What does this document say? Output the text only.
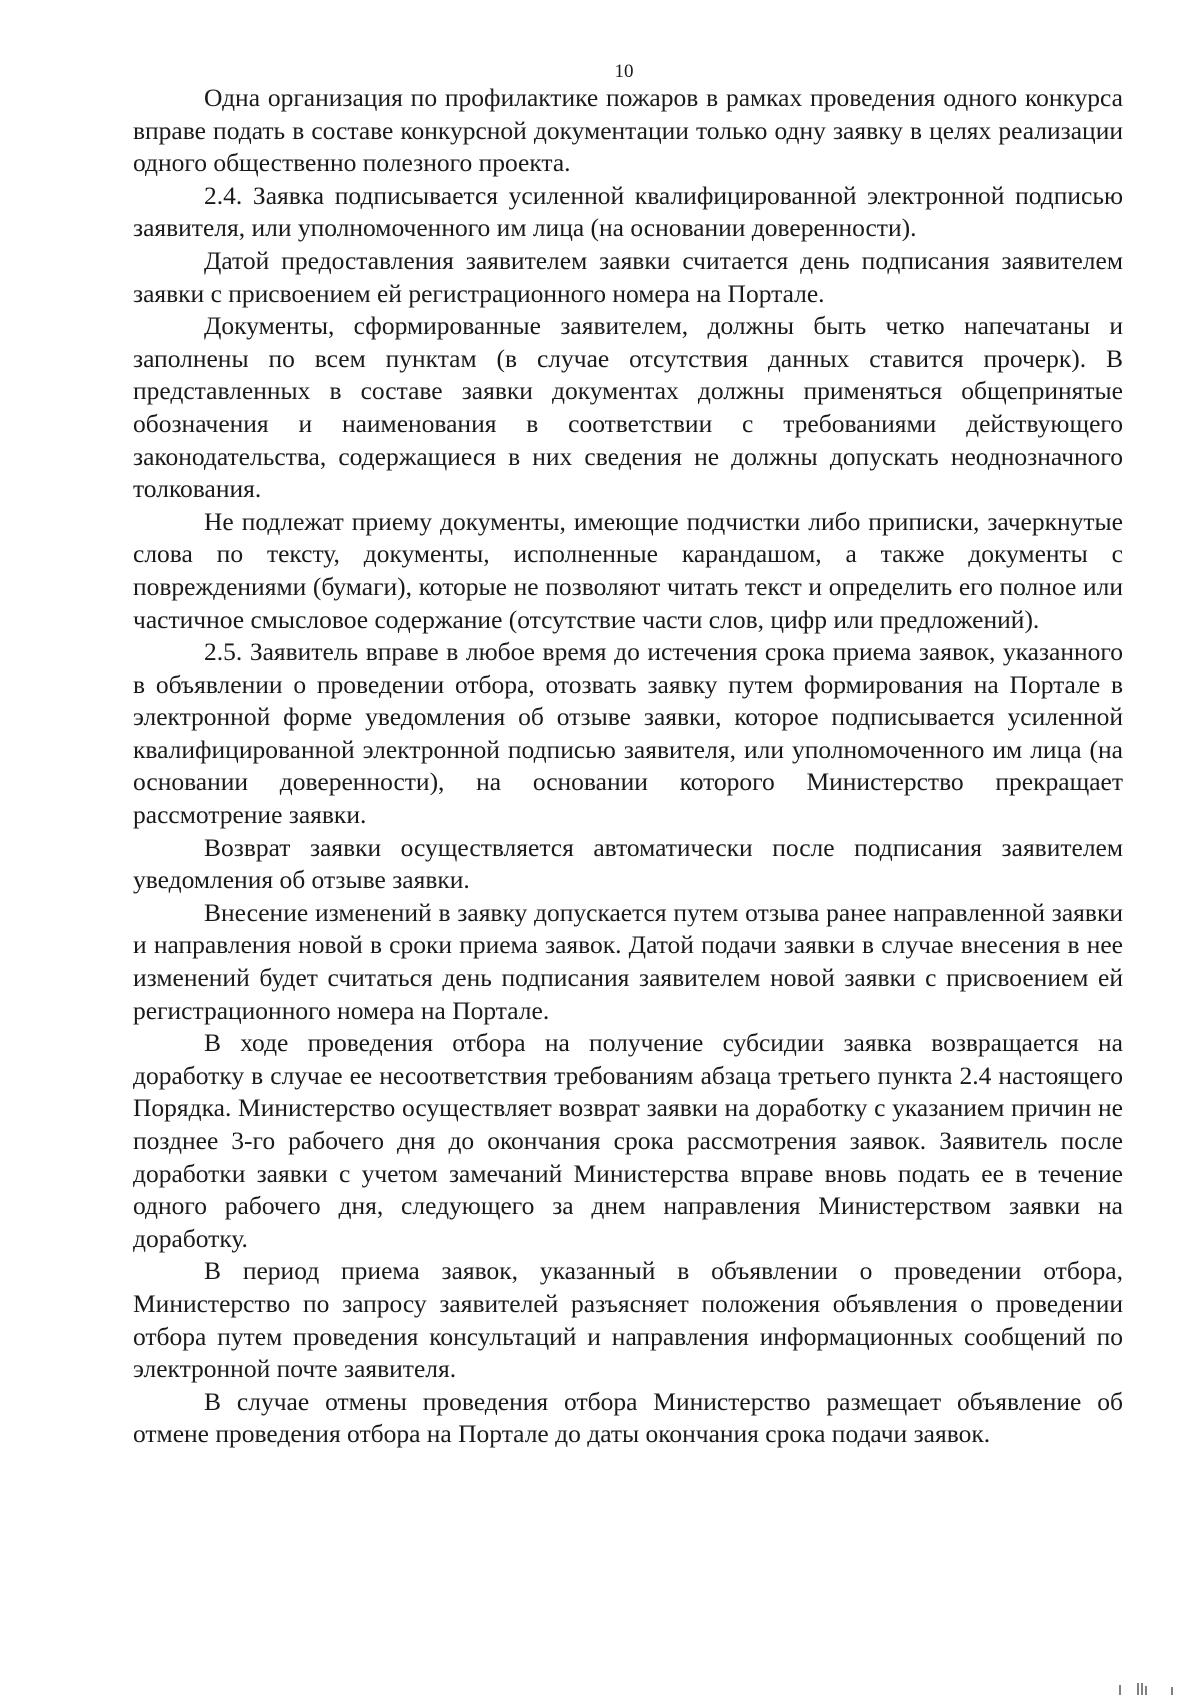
10

Одна организация по профилактике пожаров в рамках проведения одного конкурса вправе подать в составе конкурсной документации только одну заявку в целях реализации одного общественно полезного проекта.

2.4. Заявка подписывается усиленной квалифицированной электронной подписью заявителя, или уполномоченного им лица (на основании доверенности).

Датой предоставления заявителем заявки считается день подписания заявителем заявки с присвоением ей регистрационного номера на Портале.

Документы, сформированные заявителем, должны быть четко напечатаны и заполнены по всем пунктам (в случае отсутствия данных ставится прочерк). В представленных в составе заявки документах должны применяться общепринятые обозначения и наименования в соответствии с требованиями действующего законодательства, содержащиеся в них сведения не должны допускать неоднозначного толкования.

Не подлежат приему документы, имеющие подчистки либо приписки, зачеркнутые слова по тексту, документы, исполненные карандашом, а также документы с повреждениями (бумаги), которые не позволяют читать текст и определить его полное или частичное смысловое содержание (отсутствие части слов, цифр или предложений).

2.5. Заявитель вправе в любое время до истечения срока приема заявок, указанного в объявлении о проведении отбора, отозвать заявку путем формирования на Портале в электронной форме уведомления об отзыве заявки, которое подписывается усиленной квалифицированной электронной подписью заявителя, или уполномоченного им лица (на основании доверенности), на основании которого Министерство прекращает рассмотрение заявки.

Возврат заявки осуществляется автоматически после подписания заявителем уведомления об отзыве заявки.

Внесение изменений в заявку допускается путем отзыва ранее направленной заявки и направления новой в сроки приема заявок. Датой подачи заявки в случае внесения в нее изменений будет считаться день подписания заявителем новой заявки с присвоением ей регистрационного номера на Портале.

В ходе проведения отбора на получение субсидии заявка возвращается на доработку в случае ее несоответствия требованиям абзаца третьего пункта 2.4 настоящего Порядка. Министерство осуществляет возврат заявки на доработку с указанием причин не позднее 3-го рабочего дня до окончания срока рассмотрения заявок. Заявитель после доработки заявки с учетом замечаний Министерства вправе вновь подать ее в течение одного рабочего дня, следующего за днем направления Министерством заявки на доработку.

В период приема заявок, указанный в объявлении о проведении отбора, Министерство по запросу заявителей разъясняет положения объявления о проведении отбора путем проведения консультаций и направления информационных сообщений по электронной почте заявителя.

В случае отмены проведения отбора Министерство размещает объявление об отмене проведения отбора на Портале до даты окончания срока подачи заявок.
